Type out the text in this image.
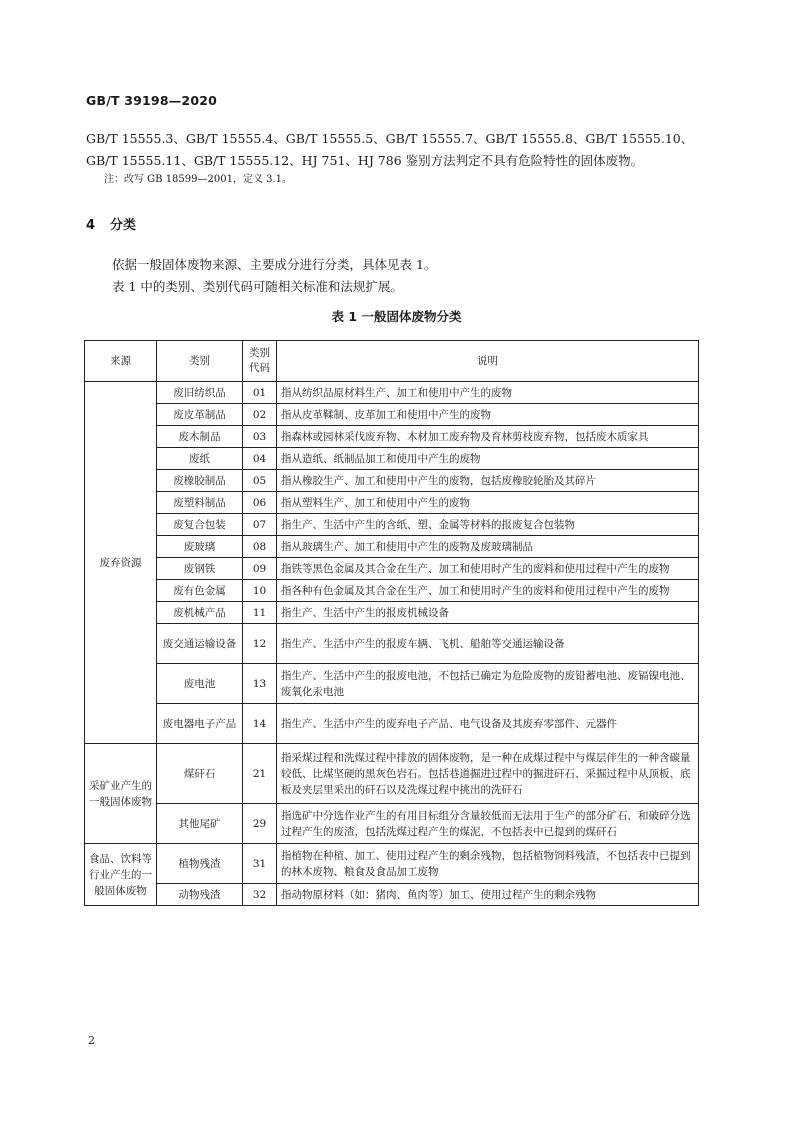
GB/T 39198—2020
GB/T 15555.3、GB/T 15555.4、GB/T 15555.5、GB/T 15555.7、GB/T 15555.8、GB/T 15555.10、
GB/T 15555.11、GB/T 15555.12、HJ 751、HJ 786 鉴别方法判定不具有危险特性的固体废物。
注：改写 GB 18599—2001，定义 3.1。
4 分类
依据一般固体废物来源、主要成分进行分类，具体见表 1。
表 1 中的类别、类别代码可随相关标准和法规扩展。
表 1 一般固体废物分类
来源	类别	类别代码	说明
废弃资源	废旧纺织品	01	指从纺织品原材料生产、加工和使用中产生的废物
	废皮革制品	02	指从皮革鞣制、皮革加工和使用中产生的废物
	废木制品	03	指森林或园林采伐废弃物、木材加工废弃物及育林剪枝废弃物，包括废木质家具
	废纸	04	指从造纸、纸制品加工和使用中产生的废物
	废橡胶制品	05	指从橡胶生产、加工和使用中产生的废物，包括废橡胶轮胎及其碎片
	废塑料制品	06	指从塑料生产、加工和使用中产生的废物
	废复合包装	07	指生产、生活中产生的含纸、塑、金属等材料的报废复合包装物
	废玻璃	08	指从玻璃生产、加工和使用中产生的废物及废玻璃制品
	废钢铁	09	指铁等黑色金属及其合金在生产、加工和使用时产生的废料和使用过程中产生的废物
	废有色金属	10	指各种有色金属及其合金在生产、加工和使用时产生的废料和使用过程中产生的废物
	废机械产品	11	指生产、生活中产生的报废机械设备
	废交通运输设备	12	指生产、生活中产生的报废车辆、飞机、船舶等交通运输设备
	废电池	13	指生产、生活中产生的报废电池，不包括已确定为危险废物的废铅蓄电池、废镉镍电池、废氧化汞电池
	废电器电子产品	14	指生产、生活中产生的废弃电子产品、电气设备及其废弃零部件、元器件
采矿业产生的一般固体废物	煤矸石	21	指采煤过程和洗煤过程中排放的固体废物，是一种在成煤过程中与煤层伴生的一种含碳量较低、比煤坚硬的黑灰色岩石。包括巷道掘进过程中的掘进矸石、采掘过程中从顶板、底板及夹层里采出的矸石以及洗煤过程中挑出的洗矸石
	其他尾矿	29	指选矿中分选作业产生的有用目标组分含量较低而无法用于生产的部分矿石，和破碎分选过程产生的废渣，包括洗煤过程产生的煤泥，不包括表中已提到的煤矸石
食品、饮料等行业产生的一般固体废物	植物残渣	31	指植物在种植、加工、使用过程产生的剩余残物，包括植物饲料残渣，不包括表中已提到的林木废物、粮食及食品加工废物
	动物残渣	32	指动物原材料（如：猪肉、鱼肉等）加工、使用过程产生的剩余残物
2
